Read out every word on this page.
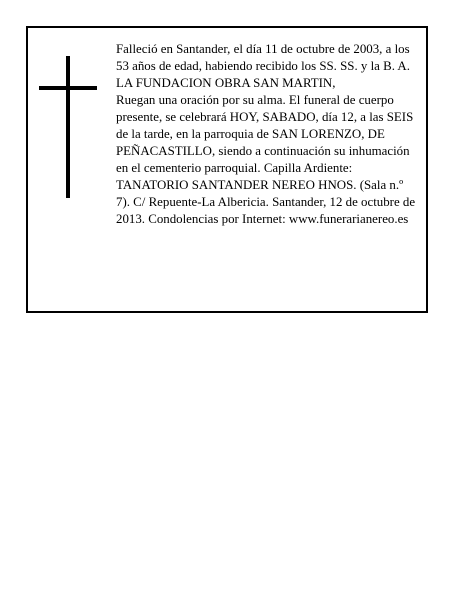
Falleció en Santander, el día 11 de octubre de 2003, a los 53 años de edad, habiendo recibido los SS. SS. y la B. A.

LA FUNDACION OBRA SAN MARTIN,

Ruegan una oración por su alma. El funeral de cuerpo presente, se celebrará HOY, SABADO, día 12, a las SEIS de la tarde, en la parroquia de SAN LORENZO, DE PEÑACASTILLO, siendo a continuación su inhumación en el cementerio parroquial. Capilla Ardiente: TANATORIO SANTANDER NEREO HNOS. (Sala n.º 7). C/ Repuente-La Albericia. Santander, 12 de octubre de 2013. Condolencias por Internet: www.funerarianereo.es
